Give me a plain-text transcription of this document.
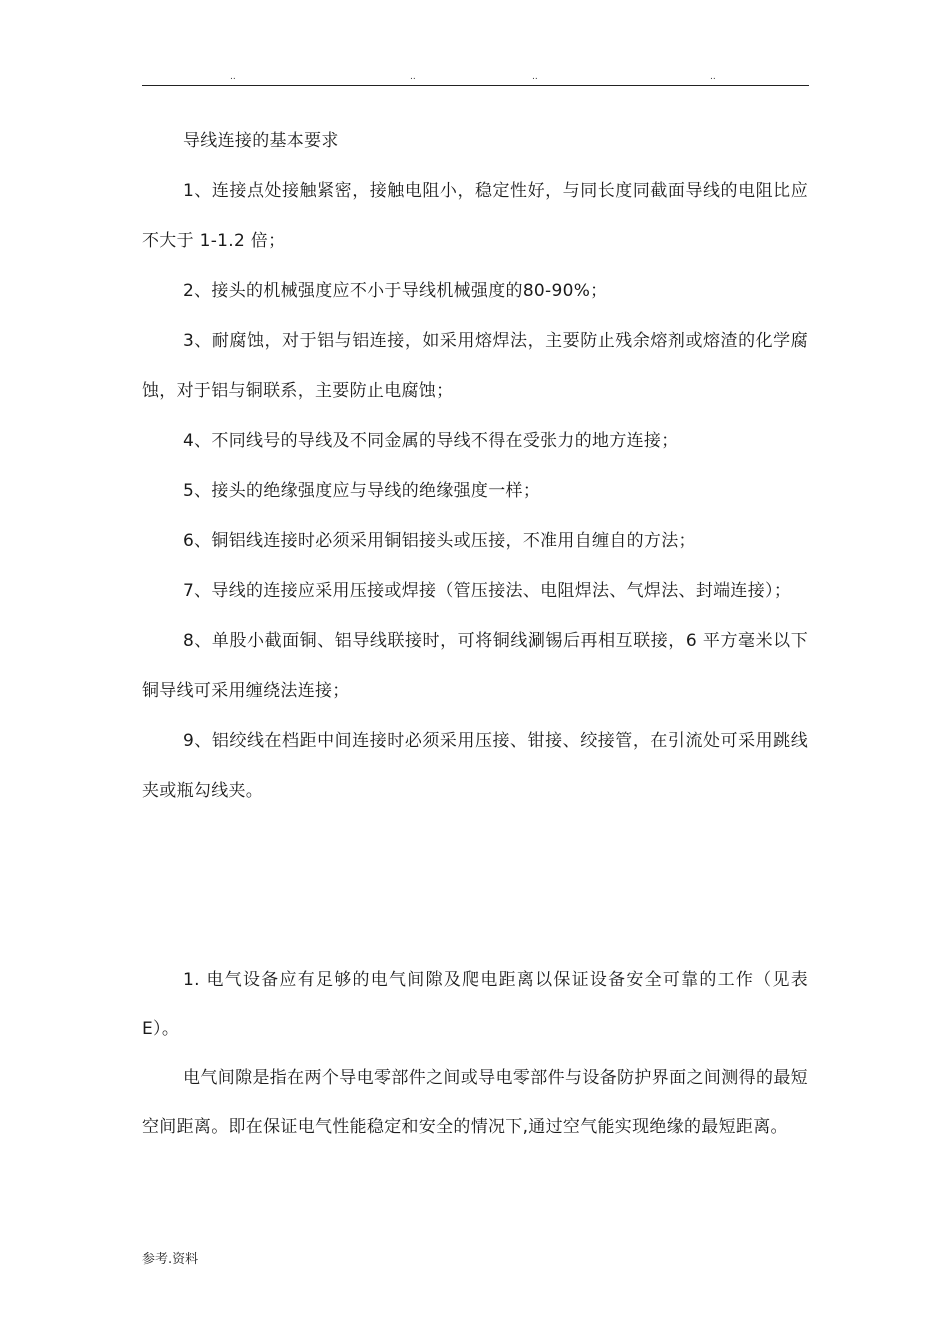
..	..	..	..

导线连接的基本要求

1、连接点处接触紧密，接触电阻小，稳定性好，与同长度同截面导线的电阻比应不大于 1-1.2 倍；

2、接头的机械强度应不小于导线机械强度的80-90%；

3、耐腐蚀，对于铝与铝连接，如采用熔焊法，主要防止残余熔剂或熔渣的化学腐蚀，对于铝与铜联系，主要防止电腐蚀；

4、不同线号的导线及不同金属的导线不得在受张力的地方连接；

5、接头的绝缘强度应与导线的绝缘强度一样；

6、铜铝线连接时必须采用铜铝接头或压接，不准用自缠自的方法；

7、导线的连接应采用压接或焊接（管压接法、电阻焊法、气焊法、封端连接）；

8、单股小截面铜、铝导线联接时，可将铜线涮锡后再相互联接，6 平方毫米以下铜导线可采用缠绕法连接；

9、铝绞线在档距中间连接时必须采用压接、钳接、绞接管，在引流处可采用跳线夹或瓶勾线夹。

1. 电气设备应有足够的电气间隙及爬电距离以保证设备安全可靠的工作（见表E）。

电气间隙是指在两个导电零部件之间或导电零部件与设备防护界面之间测得的最短空间距离。即在保证电气性能稳定和安全的情况下,通过空气能实现绝缘的最短距离。

参考.资料
